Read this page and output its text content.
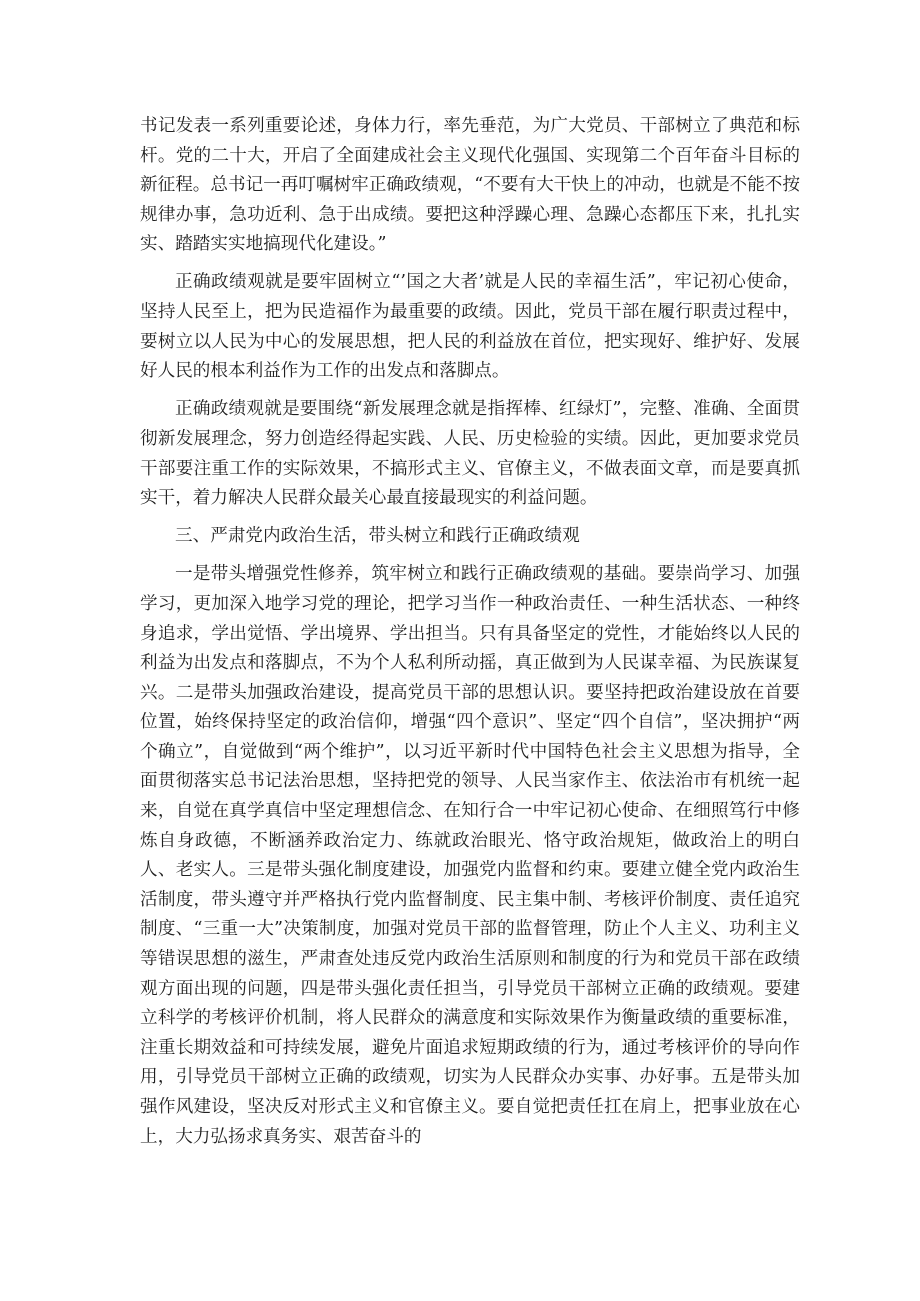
书记发表一系列重要论述，身体力行，率先垂范，为广大党员、干部树立了典范和标杆。党的二十大，开启了全面建成社会主义现代化强国、实现第二个百年奋斗目标的新征程。总书记一再叮嘱树牢正确政绩观，“不要有大干快上的冲动，也就是不能不按规律办事，急功近利、急于出成绩。要把这种浮躁心理、急躁心态都压下来，扎扎实实、踏踏实实地搞现代化建设。”

正确政绩观就是要牢固树立“’国之大者’就是人民的幸福生活”，牢记初心使命，坚持人民至上，把为民造福作为最重要的政绩。因此，党员干部在履行职责过程中，要树立以人民为中心的发展思想，把人民的利益放在首位，把实现好、维护好、发展好人民的根本利益作为工作的出发点和落脚点。

正确政绩观就是要围绕“新发展理念就是指挥棒、红绿灯”，完整、准确、全面贯彻新发展理念，努力创造经得起实践、人民、历史检验的实绩。因此，更加要求党员干部要注重工作的实际效果，不搞形式主义、官僚主义，不做表面文章，而是要真抓实干，着力解决人民群众最关心最直接最现实的利益问题。

三、严肃党内政治生活，带头树立和践行正确政绩观

一是带头增强党性修养，筑牢树立和践行正确政绩观的基础。要崇尚学习、加强学习，更加深入地学习党的理论，把学习当作一种政治责任、一种生活状态、一种终身追求，学出觉悟、学出境界、学出担当。只有具备坚定的党性，才能始终以人民的利益为出发点和落脚点，不为个人私利所动摇，真正做到为人民谋幸福、为民族谋复兴。二是带头加强政治建设，提高党员干部的思想认识。要坚持把政治建设放在首要位置，始终保持坚定的政治信仰，增强“四个意识”、坚定“四个自信”，坚决拥护“两个确立”，自觉做到“两个维护”，以习近平新时代中国特色社会主义思想为指导，全面贯彻落实总书记法治思想，坚持把党的领导、人民当家作主、依法治市有机统一起来，自觉在真学真信中坚定理想信念、在知行合一中牢记初心使命、在细照笃行中修炼自身政德，不断涵养政治定力、练就政治眼光、恪守政治规矩，做政治上的明白人、老实人。三是带头强化制度建设，加强党内监督和约束。要建立健全党内政治生活制度，带头遵守并严格执行党内监督制度、民主集中制、考核评价制度、责任追究制度、“三重一大”决策制度，加强对党员干部的监督管理，防止个人主义、功利主义等错误思想的滋生，严肃查处违反党内政治生活原则和制度的行为和党员干部在政绩观方面出现的问题，四是带头强化责任担当，引导党员干部树立正确的政绩观。要建立科学的考核评价机制，将人民群众的满意度和实际效果作为衡量政绩的重要标准，注重长期效益和可持续发展，避免片面追求短期政绩的行为，通过考核评价的导向作用，引导党员干部树立正确的政绩观，切实为人民群众办实事、办好事。五是带头加强作风建设，坚决反对形式主义和官僚主义。要自觉把责任扛在肩上，把事业放在心上，大力弘扬求真务实、艰苦奋斗的
